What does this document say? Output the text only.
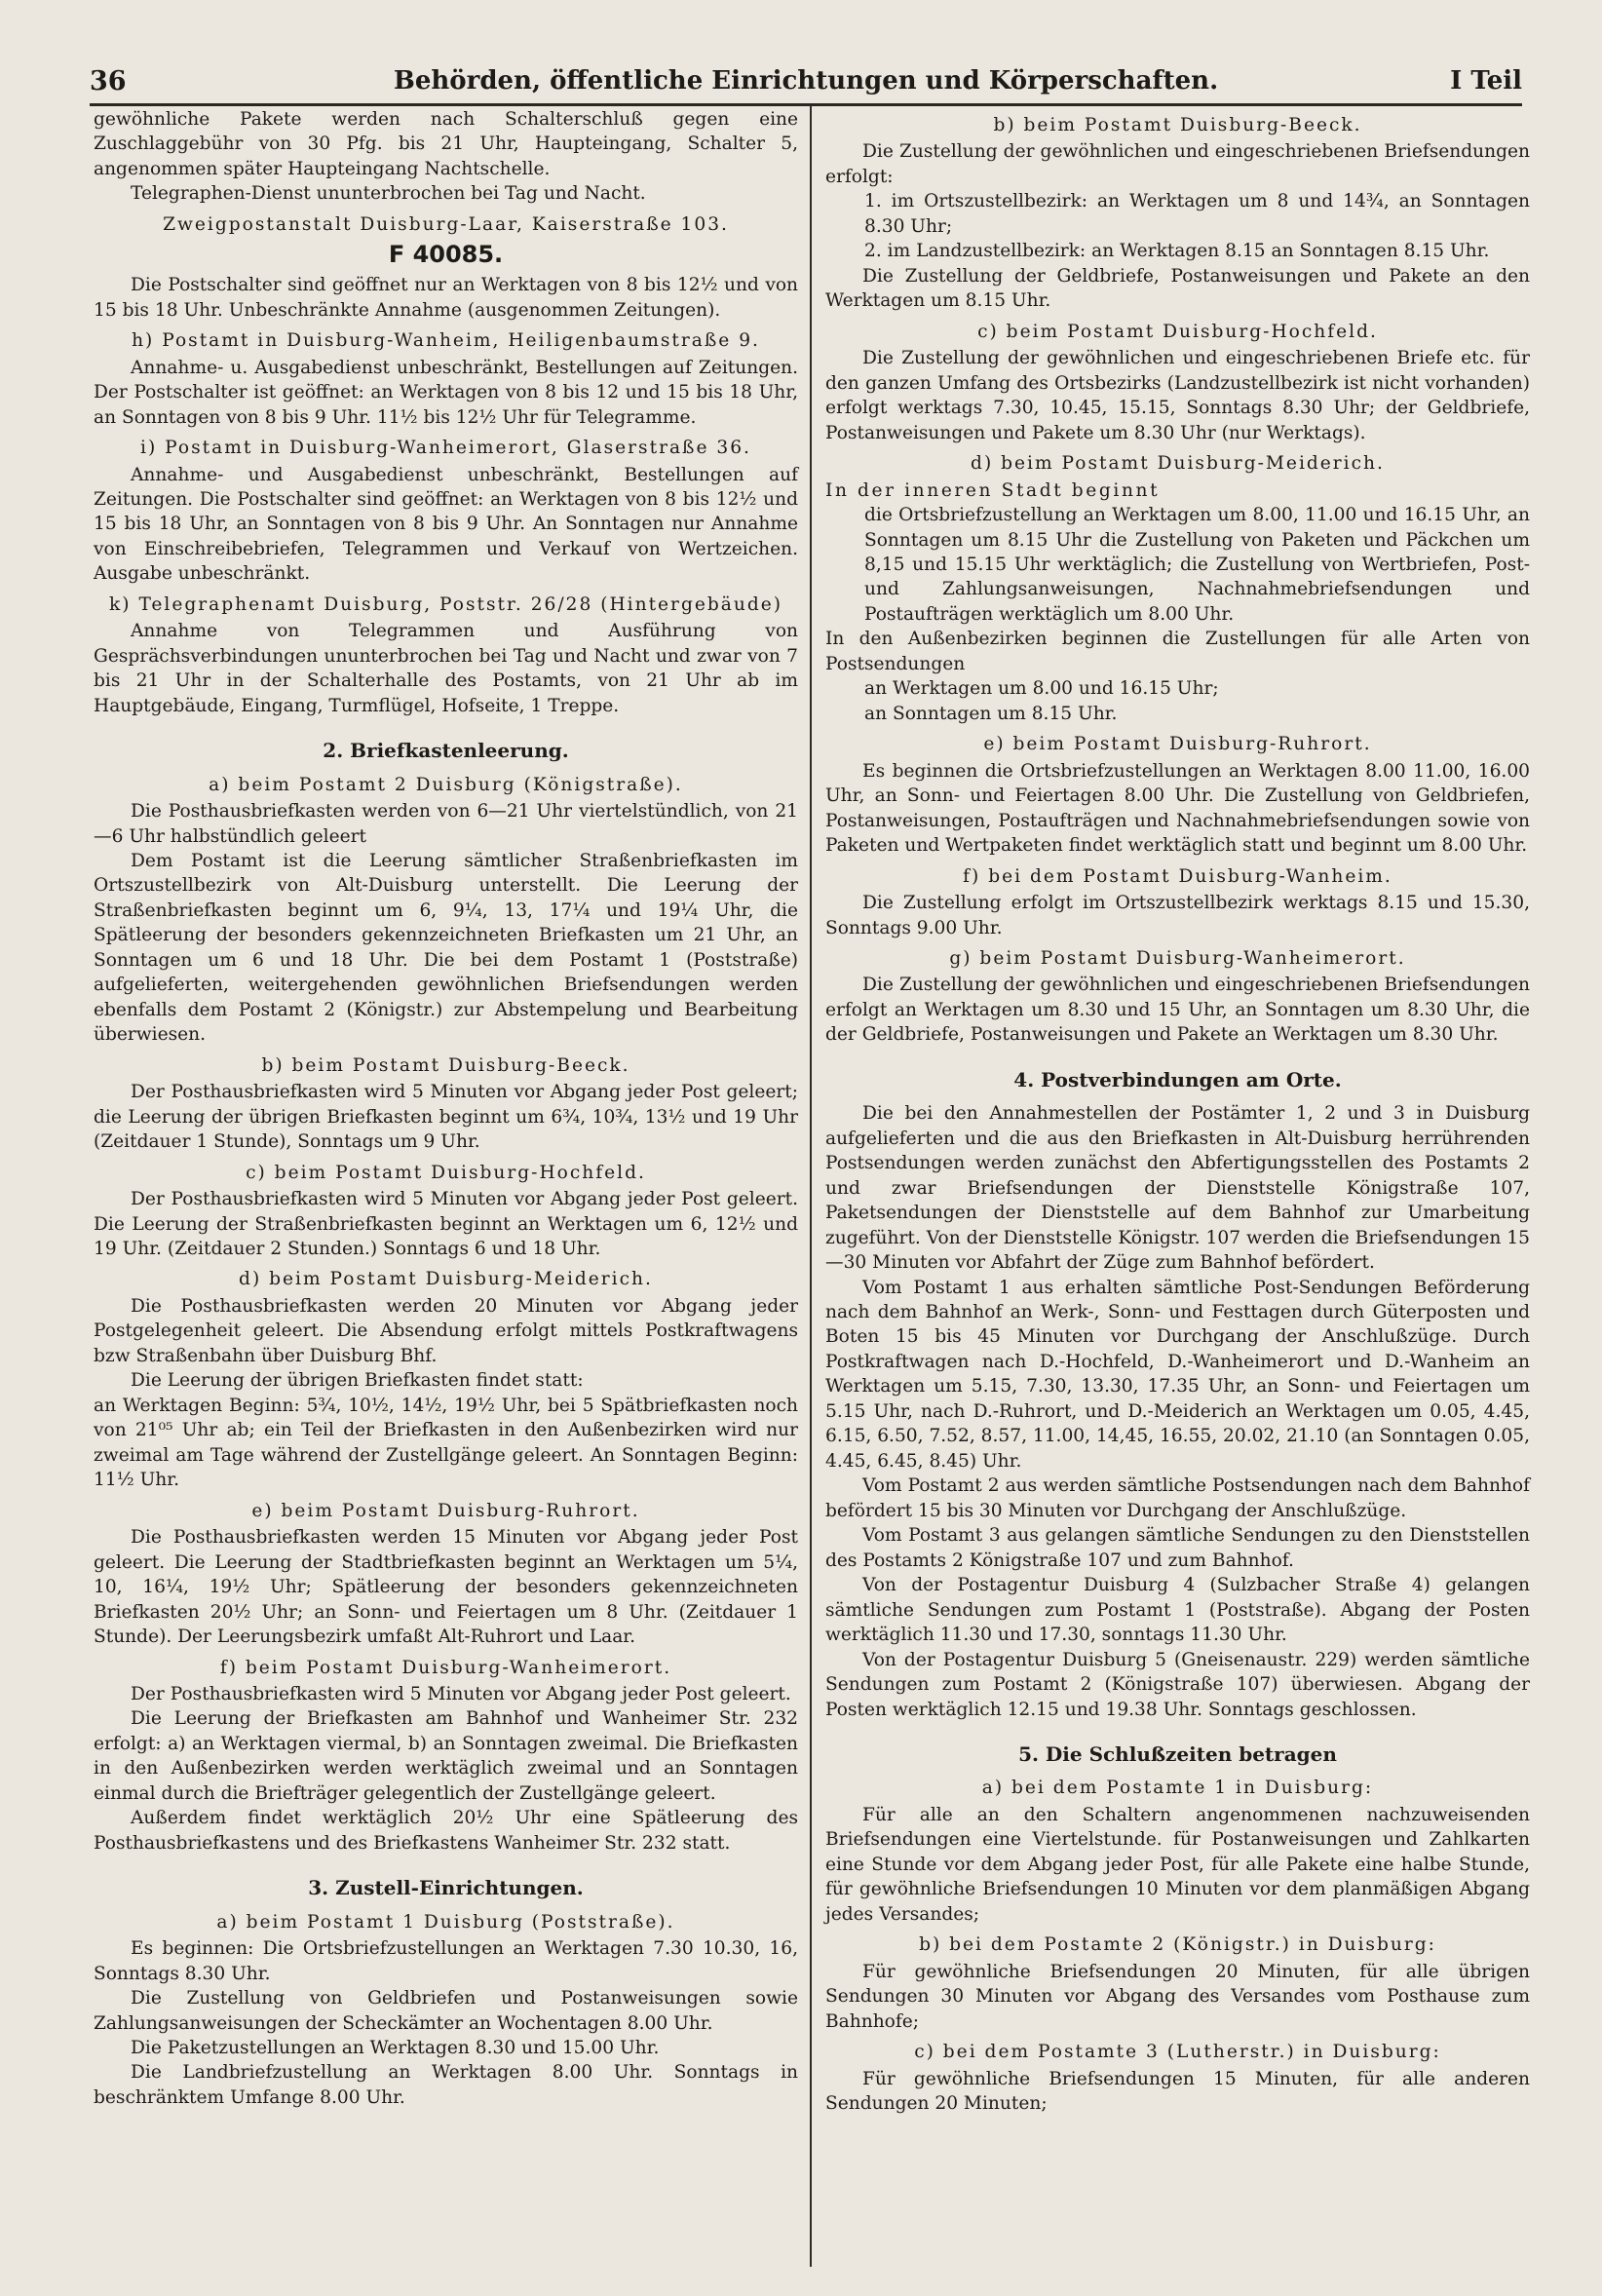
36	Behörden, öffentliche Einrichtungen und Körperschaften.	I Teil

gewöhnliche Pakete werden nach Schalterschluß gegen eine Zuschlaggebühr von 30 Pfg. bis 21 Uhr, Haupteingang, Schalter 5, angenommen später Haupteingang Nachtschelle.

Telegraphen-Dienst ununterbrochen bei Tag und Nacht.

Zweigpostanstalt Duisburg-Laar, Kaiserstraße 103.

F 40085.

Die Postschalter sind geöffnet nur an Werktagen von 8 bis 12½ und von 15 bis 18 Uhr. Unbeschränkte Annahme (ausgenommen Zeitungen).

h) Postamt in Duisburg-Wanheim, Heiligenbaumstraße 9.

Annahme- u. Ausgabedienst unbeschränkt, Bestellungen auf Zeitungen. Der Postschalter ist geöffnet: an Werktagen von 8 bis 12 und 15 bis 18 Uhr, an Sonntagen von 8 bis 9 Uhr. 11½ bis 12½ Uhr für Telegramme.

i) Postamt in Duisburg-Wanheimerort, Glaserstraße 36.

Annahme- und Ausgabedienst unbeschränkt, Bestellungen auf Zeitungen. Die Postschalter sind geöffnet: an Werktagen von 8 bis 12½ und 15 bis 18 Uhr, an Sonntagen von 8 bis 9 Uhr. An Sonntagen nur Annahme von Einschreibebriefen, Telegrammen und Verkauf von Wertzeichen. Ausgabe unbeschränkt.

k) Telegraphenamt Duisburg, Poststr. 26/28 (Hintergebäude)

Annahme von Telegrammen und Ausführung von Gesprächsverbindungen ununterbrochen bei Tag und Nacht und zwar von 7 bis 21 Uhr in der Schalterhalle des Postamts, von 21 Uhr ab im Hauptgebäude, Eingang, Turmflügel, Hofseite, 1 Treppe.

2. Briefkastenleerung.

a) beim Postamt 2 Duisburg (Königstraße).

Die Posthausbriefkasten werden von 6—21 Uhr viertelstündlich, von 21—6 Uhr halbstündlich geleert

Dem Postamt ist die Leerung sämtlicher Straßenbriefkasten im Ortszustellbezirk von Alt-Duisburg unterstellt. Die Leerung der Straßenbriefkasten beginnt um 6, 9¼, 13, 17¼ und 19¼ Uhr, die Spätleerung der besonders gekennzeichneten Briefkasten um 21 Uhr, an Sonntagen um 6 und 18 Uhr. Die bei dem Postamt 1 (Poststraße) aufgelieferten, weitergehenden gewöhnlichen Briefsendungen werden ebenfalls dem Postamt 2 (Königstr.) zur Abstempelung und Bearbeitung überwiesen.

b) beim Postamt Duisburg-Beeck.

Der Posthausbriefkasten wird 5 Minuten vor Abgang jeder Post geleert; die Leerung der übrigen Briefkasten beginnt um 6¾, 10¾, 13½ und 19 Uhr (Zeitdauer 1 Stunde), Sonntags um 9 Uhr.

c) beim Postamt Duisburg-Hochfeld.

Der Posthausbriefkasten wird 5 Minuten vor Abgang jeder Post geleert. Die Leerung der Straßenbriefkasten beginnt an Werktagen um 6, 12½ und 19 Uhr. (Zeitdauer 2 Stunden.) Sonntags 6 und 18 Uhr.

d) beim Postamt Duisburg-Meiderich.

Die Posthausbriefkasten werden 20 Minuten vor Abgang jeder Postgelegenheit geleert. Die Absendung erfolgt mittels Postkraftwagens bzw Straßenbahn über Duisburg Bhf.

Die Leerung der übrigen Briefkasten findet statt:

an Werktagen Beginn: 5¾, 10½, 14½, 19½ Uhr, bei 5 Spätbriefkasten noch von 21⁰⁵ Uhr ab; ein Teil der Briefkasten in den Außenbezirken wird nur zweimal am Tage während der Zustellgänge geleert. An Sonntagen Beginn: 11½ Uhr.

e) beim Postamt Duisburg-Ruhrort.

Die Posthausbriefkasten werden 15 Minuten vor Abgang jeder Post geleert. Die Leerung der Stadtbriefkasten beginnt an Werktagen um 5¼, 10, 16¼, 19½ Uhr; Spätleerung der besonders gekennzeichneten Briefkasten 20½ Uhr; an Sonn- und Feiertagen um 8 Uhr. (Zeitdauer 1 Stunde). Der Leerungsbezirk umfaßt Alt-Ruhrort und Laar.

f) beim Postamt Duisburg-Wanheimerort.

Der Posthausbriefkasten wird 5 Minuten vor Abgang jeder Post geleert.

Die Leerung der Briefkasten am Bahnhof und Wanheimer Str. 232 erfolgt: a) an Werktagen viermal, b) an Sonntagen zweimal. Die Briefkasten in den Außenbezirken werden werktäglich zweimal und an Sonntagen einmal durch die Briefträger gelegentlich der Zustellgänge geleert.

Außerdem findet werktäglich 20½ Uhr eine Spätleerung des Posthausbriefkastens und des Briefkastens Wanheimer Str. 232 statt.

3. Zustell-Einrichtungen.

a) beim Postamt 1 Duisburg (Poststraße).

Es beginnen: Die Ortsbriefzustellungen an Werktagen 7.30 10.30, 16, Sonntags 8.30 Uhr.

Die Zustellung von Geldbriefen und Postanweisungen sowie Zahlungsanweisungen der Scheckämter an Wochentagen 8.00 Uhr.

Die Paketzustellungen an Werktagen 8.30 und 15.00 Uhr.

Die Landbriefzustellung an Werktagen 8.00 Uhr. Sonntags in beschränktem Umfange 8.00 Uhr.

b) beim Postamt Duisburg-Beeck.

Die Zustellung der gewöhnlichen und eingeschriebenen Briefsendungen erfolgt:

1. im Ortszustellbezirk: an Werktagen um 8 und 14¾, an Sonntagen 8.30 Uhr;

2. im Landzustellbezirk: an Werktagen 8.15 an Sonntagen 8.15 Uhr.

Die Zustellung der Geldbriefe, Postanweisungen und Pakete an den Werktagen um 8.15 Uhr.

c) beim Postamt Duisburg-Hochfeld.

Die Zustellung der gewöhnlichen und eingeschriebenen Briefe etc. für den ganzen Umfang des Ortsbezirks (Landzustellbezirk ist nicht vorhanden) erfolgt werktags 7.30, 10.45, 15.15, Sonntags 8.30 Uhr; der Geldbriefe, Postanweisungen und Pakete um 8.30 Uhr (nur Werktags).

d) beim Postamt Duisburg-Meiderich.

In der inneren Stadt beginnt

die Ortsbriefzustellung an Werktagen um 8.00, 11.00 und 16.15 Uhr, an Sonntagen um 8.15 Uhr die Zustellung von Paketen und Päckchen um 8,15 und 15.15 Uhr werktäglich; die Zustellung von Wertbriefen, Post- und Zahlungsanweisungen, Nachnahmebriefsendungen und Postaufträgen werktäglich um 8.00 Uhr.

In den Außenbezirken beginnen die Zustellungen für alle Arten von Postsendungen

an Werktagen um 8.00 und 16.15 Uhr;

an Sonntagen um 8.15 Uhr.

e) beim Postamt Duisburg-Ruhrort.

Es beginnen die Ortsbriefzustellungen an Werktagen 8.00 11.00, 16.00 Uhr, an Sonn- und Feiertagen 8.00 Uhr. Die Zustellung von Geldbriefen, Postanweisungen, Postaufträgen und Nachnahmebriefsendungen sowie von Paketen und Wertpaketen findet werktäglich statt und beginnt um 8.00 Uhr.

f) bei dem Postamt Duisburg-Wanheim.

Die Zustellung erfolgt im Ortszustellbezirk werktags 8.15 und 15.30, Sonntags 9.00 Uhr.

g) beim Postamt Duisburg-Wanheimerort.

Die Zustellung der gewöhnlichen und eingeschriebenen Briefsendungen erfolgt an Werktagen um 8.30 und 15 Uhr, an Sonntagen um 8.30 Uhr, die der Geldbriefe, Postanweisungen und Pakete an Werktagen um 8.30 Uhr.

4. Postverbindungen am Orte.

Die bei den Annahmestellen der Postämter 1, 2 und 3 in Duisburg aufgelieferten und die aus den Briefkasten in Alt-Duisburg herrührenden Postsendungen werden zunächst den Abfertigungsstellen des Postamts 2 und zwar Briefsendungen der Dienststelle Königstraße 107, Paketsendungen der Dienststelle auf dem Bahnhof zur Umarbeitung zugeführt. Von der Dienststelle Königstr. 107 werden die Briefsendungen 15—30 Minuten vor Abfahrt der Züge zum Bahnhof befördert.

Vom Postamt 1 aus erhalten sämtliche Post-Sendungen Beförderung nach dem Bahnhof an Werk-, Sonn- und Festtagen durch Güterposten und Boten 15 bis 45 Minuten vor Durchgang der Anschlußzüge. Durch Postkraftwagen nach D.-Hochfeld, D.-Wanheimerort und D.-Wanheim an Werktagen um 5.15, 7.30, 13.30, 17.35 Uhr, an Sonn- und Feiertagen um 5.15 Uhr, nach D.-Ruhrort, und D.-Meiderich an Werktagen um 0.05, 4.45, 6.15, 6.50, 7.52, 8.57, 11.00, 14,45, 16.55, 20.02, 21.10 (an Sonntagen 0.05, 4.45, 6.45, 8.45) Uhr.

Vom Postamt 2 aus werden sämtliche Postsendungen nach dem Bahnhof befördert 15 bis 30 Minuten vor Durchgang der Anschlußzüge.

Vom Postamt 3 aus gelangen sämtliche Sendungen zu den Dienststellen des Postamts 2 Königstraße 107 und zum Bahnhof.

Von der Postagentur Duisburg 4 (Sulzbacher Straße 4) gelangen sämtliche Sendungen zum Postamt 1 (Poststraße). Abgang der Posten werktäglich 11.30 und 17.30, sonntags 11.30 Uhr.

Von der Postagentur Duisburg 5 (Gneisenaustr. 229) werden sämtliche Sendungen zum Postamt 2 (Königstraße 107) überwiesen. Abgang der Posten werktäglich 12.15 und 19.38 Uhr. Sonntags geschlossen.

5. Die Schlußzeiten betragen

a) bei dem Postamte 1 in Duisburg:

Für alle an den Schaltern angenommenen nachzuweisenden Briefsendungen eine Viertelstunde. für Postanweisungen und Zahlkarten eine Stunde vor dem Abgang jeder Post, für alle Pakete eine halbe Stunde, für gewöhnliche Briefsendungen 10 Minuten vor dem planmäßigen Abgang jedes Versandes;

b) bei dem Postamte 2 (Königstr.) in Duisburg:

Für gewöhnliche Briefsendungen 20 Minuten, für alle übrigen Sendungen 30 Minuten vor Abgang des Versandes vom Posthause zum Bahnhofe;

c) bei dem Postamte 3 (Lutherstr.) in Duisburg:

Für gewöhnliche Briefsendungen 15 Minuten, für alle anderen Sendungen 20 Minuten;
